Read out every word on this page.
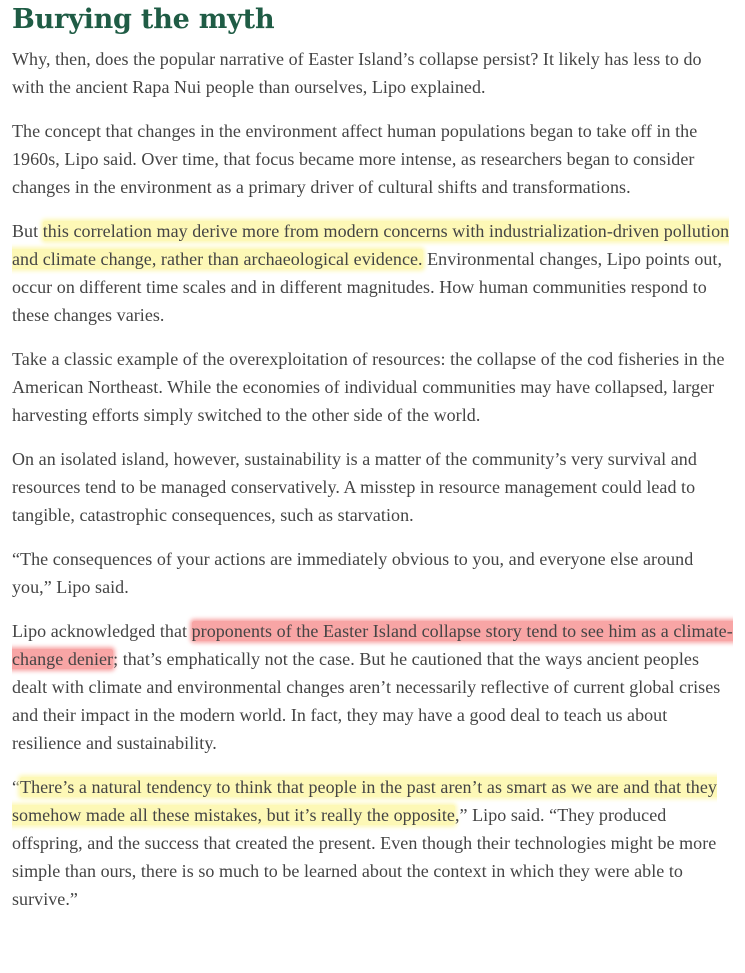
Burying the myth

Why, then, does the popular narrative of Easter Island’s collapse persist? It likely has less to do with the ancient Rapa Nui people than ourselves, Lipo explained.

The concept that changes in the environment affect human populations began to take off in the 1960s, Lipo said. Over time, that focus became more intense, as researchers began to consider changes in the environment as a primary driver of cultural shifts and transformations.

But this correlation may derive more from modern concerns with industrialization-driven pollution and climate change, rather than archaeological evidence. Environmental changes, Lipo points out, occur on different time scales and in different magnitudes. How human communities respond to these changes varies.

Take a classic example of the overexploitation of resources: the collapse of the cod fisheries in the American Northeast. While the economies of individual communities may have collapsed, larger harvesting efforts simply switched to the other side of the world.

On an isolated island, however, sustainability is a matter of the community’s very survival and resources tend to be managed conservatively. A misstep in resource management could lead to tangible, catastrophic consequences, such as starvation.

“The consequences of your actions are immediately obvious to you, and everyone else around you,” Lipo said.

Lipo acknowledged that proponents of the Easter Island collapse story tend to see him as a climate-change denier; that’s emphatically not the case. But he cautioned that the ways ancient peoples dealt with climate and environmental changes aren’t necessarily reflective of current global crises and their impact in the modern world. In fact, they may have a good deal to teach us about resilience and sustainability.

“There’s a natural tendency to think that people in the past aren’t as smart as we are and that they somehow made all these mistakes, but it’s really the opposite,” Lipo said. “They produced offspring, and the success that created the present. Even though their technologies might be more simple than ours, there is so much to be learned about the context in which they were able to survive.”
